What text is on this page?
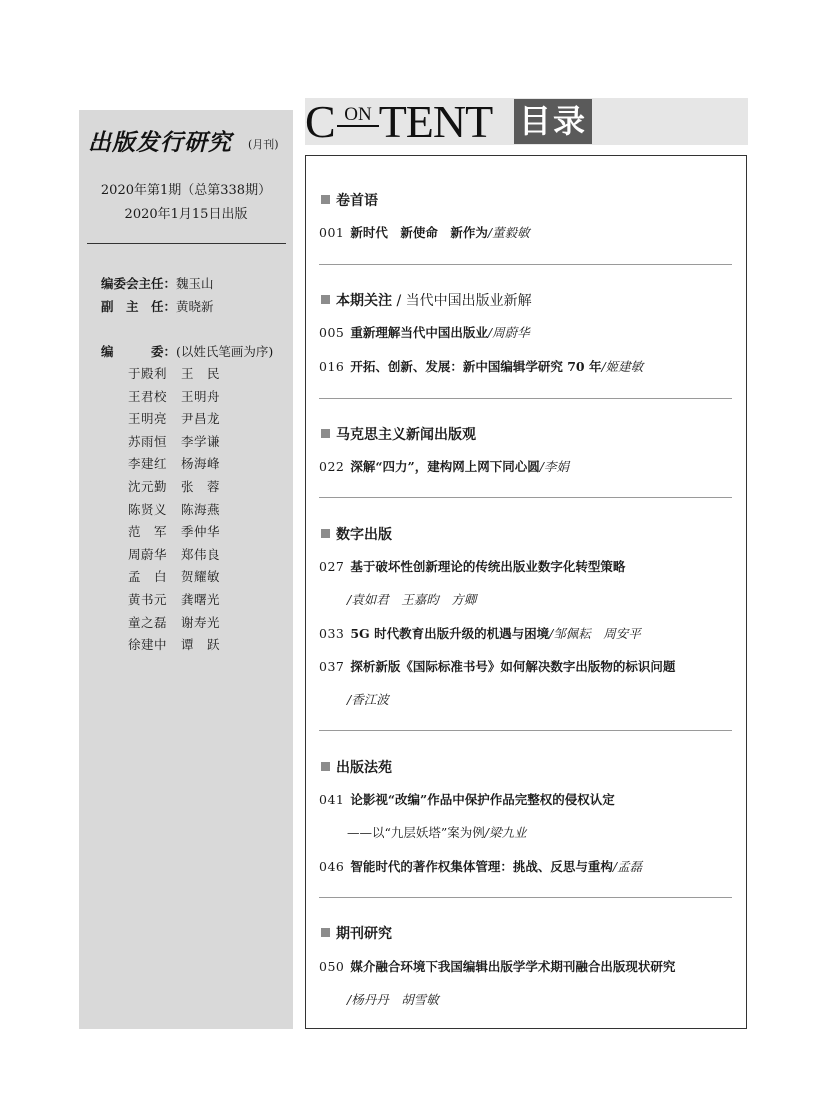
出版发行研究 (月刊)
2020年第1期（总第338期）
2020年1月15日出版
编委会主任：魏玉山
副　主　任：黄晓新
编　　　委：(以姓氏笔画为序)
于殿利 王　民
王君校 王明舟
王明亮 尹昌龙
苏雨恒 李学谦
李建红 杨海峰
沈元勤 张　蓉
陈贤义 陈海燕
范　军 季仲华
周蔚华 郑伟良
孟　白 贺耀敏
黄书元 龚曙光
童之磊 谢寿光
徐建中 谭　跃
C TENT
ON	目录
卷首语
001 新时代　新使命　新作为/董毅敏
本期关注 / 当代中国出版业新解
005 重新理解当代中国出版业/周蔚华
016 开拓、创新、发展：新中国编辑学研究 70 年/姬建敏
马克思主义新闻出版观
022 深解“四力”，建构网上网下同心圆/李娟
数字出版
027 基于破坏性创新理论的传统出版业数字化转型策略
/袁如君　王嘉昀　方卿
033 5G 时代教育出版升级的机遇与困境/邹佩耘　周安平
037 探析新版《国际标准书号》如何解决数字出版物的标识问题
/香江波
出版法苑
041 论影视“改编”作品中保护作品完整权的侵权认定
——以“九层妖塔”案为例/梁九业
046 智能时代的著作权集体管理：挑战、反思与重构/孟磊
期刊研究
050 媒介融合环境下我国编辑出版学学术期刊融合出版现状研究
/杨丹丹　胡雪敏
